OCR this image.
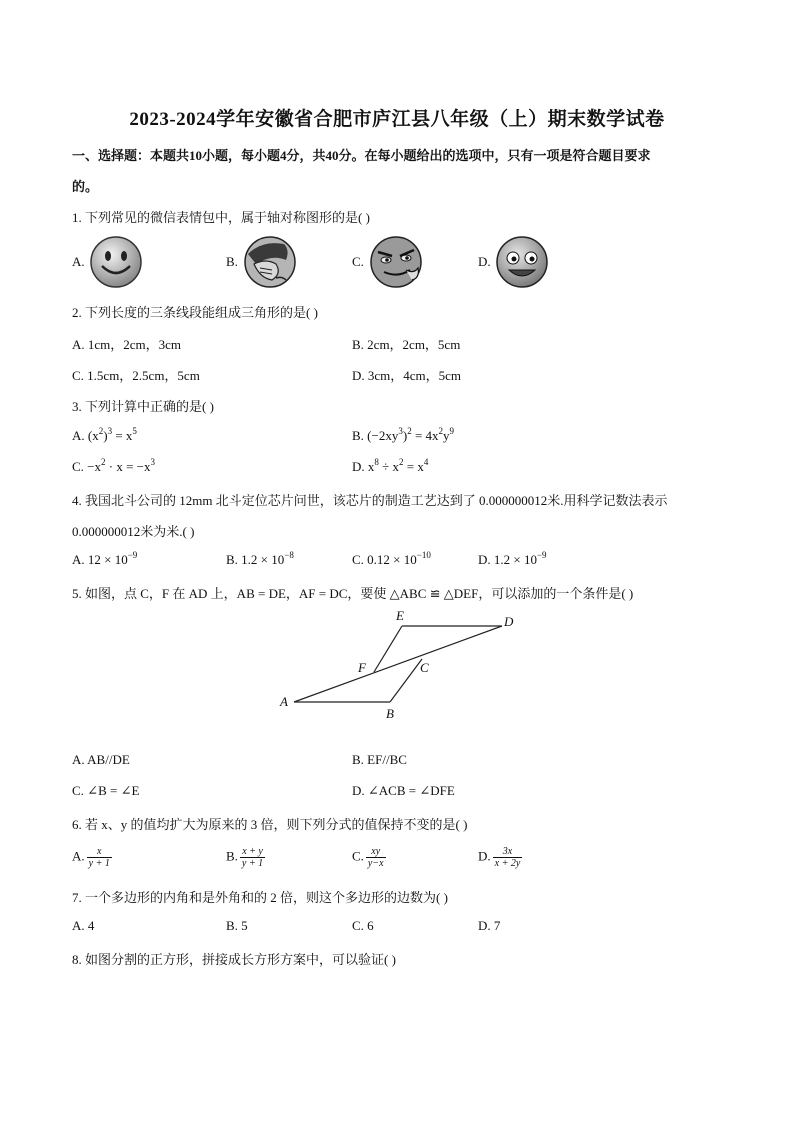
2023-2024学年安徽省合肥市庐江县八年级（上）期末数学试卷
一、选择题：本题共10小题，每小题4分，共40分。在每小题给出的选项中，只有一项是符合题目要求
的。
1. 下列常见的微信表情包中，属于轴对称图形的是( )
A.	B.	C.	D.
2. 下列长度的三条线段能组成三角形的是( )
A. 1cm，2cm，3cm	B. 2cm，2cm，5cm
C. 1.5cm，2.5cm，5cm	D. 3cm，4cm，5cm
3. 下列计算中正确的是( )
A. $(x^2)^3 = x^5$	B. $(-2xy^3)^2 = 4x^2y^9$
C. $-x^2 \cdot x = -x^3$	D. $x^8 \div x^2 = x^4$
4. 我国北斗公司的 12mm 北斗定位芯片问世，该芯片的制造工艺达到了 0.000000012米.用科学记数法表示
0.000000012米为米.( )
A. $12 \times 10^{-9}$	B. $1.2 \times 10^{-8}$	C. $0.12 \times 10^{-10}$	D. $1.2 \times 10^{-9}$
5. 如图，点 C，F 在 AD 上，AB = DE，AF = DC，要使 △ABC ≌ △DEF，可以添加的一个条件是( )
A
B
C
D
E
F
A. AB//DE	B. EF//BC
C. ∠B = ∠E	D. ∠ACB = ∠DFE
6. 若 x、y 的值均扩大为原来的 3 倍，则下列分式的值保持不变的是( )
A. $\frac{x}{y + 1}$	B. $\frac{x + y}{y + 1}$	C. $\frac{xy}{y-x}$	D. $\frac{3x}{x + 2y}$
7. 一个多边形的内角和是外角和的 2 倍，则这个多边形的边数为( )
A. 4	B. 5	C. 6	D. 7
8. 如图分割的正方形，拼接成长方形方案中，可以验证( )
